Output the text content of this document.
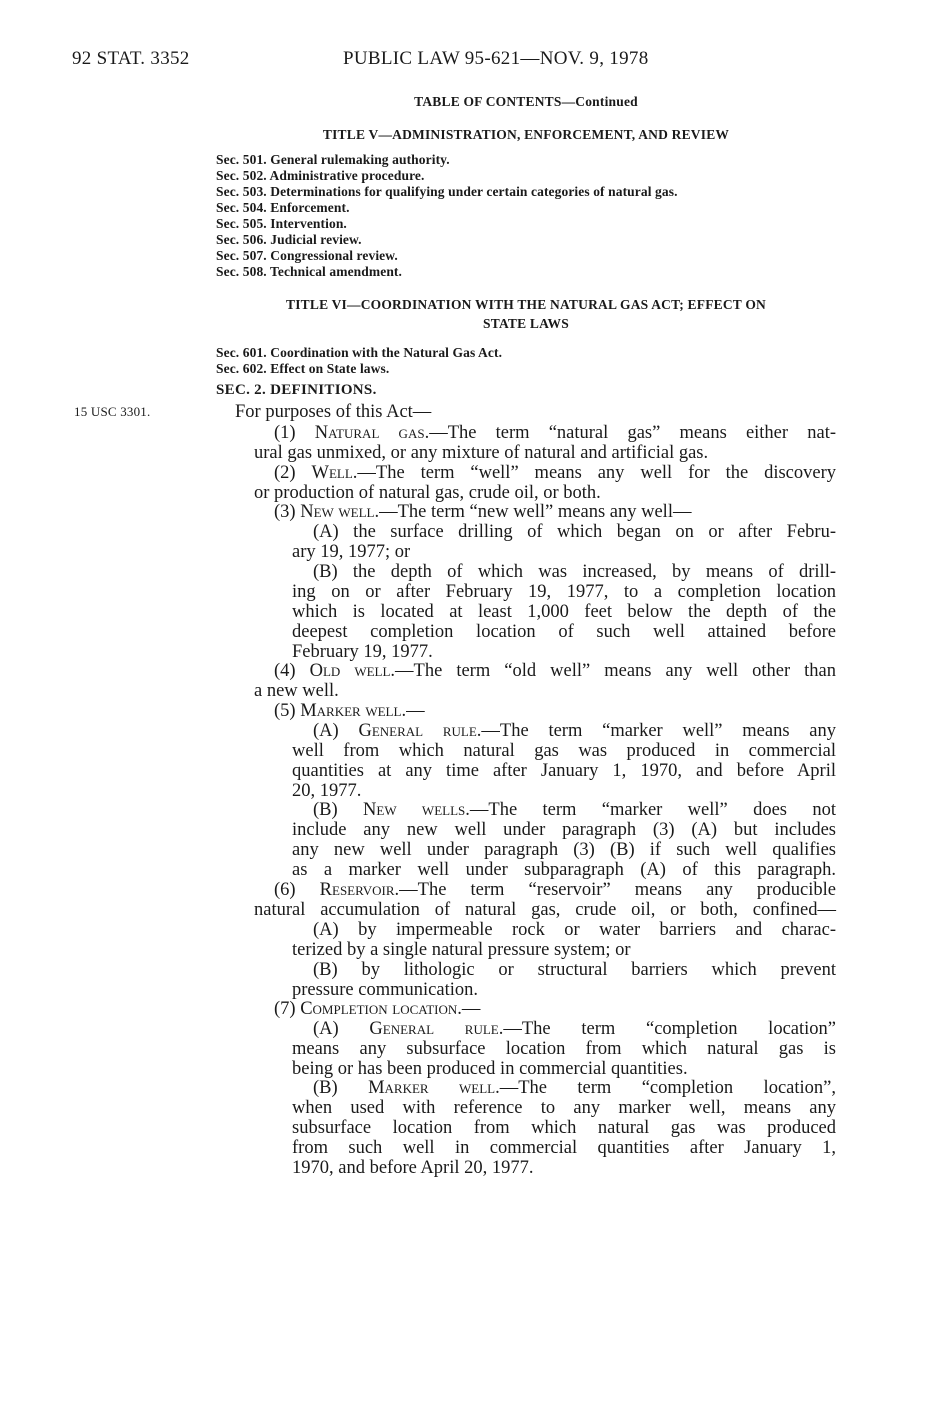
92 STAT. 3352	PUBLIC LAW 95-621—NOV. 9, 1978
TABLE OF CONTENTS—Continued
TITLE V—ADMINISTRATION, ENFORCEMENT, AND REVIEW
Sec. 501. General rulemaking authority.
Sec. 502. Administrative procedure.
Sec. 503. Determinations for qualifying under certain categories of natural gas.
Sec. 504. Enforcement.
Sec. 505. Intervention.
Sec. 506. Judicial review.
Sec. 507. Congressional review.
Sec. 508. Technical amendment.
TITLE VI—COORDINATION WITH THE NATURAL GAS ACT; EFFECT ON
STATE LAWS
Sec. 601. Coordination with the Natural Gas Act.
Sec. 602. Effect on State laws.
SEC. 2. DEFINITIONS.
15 USC 3301.	For purposes of this Act—
(1) Natural gas.—The term “natural gas” means either nat-
ural gas unmixed, or any mixture of natural and artificial gas.
(2) Well.—The term “well” means any well for the discovery
or production of natural gas, crude oil, or both.
(3) New well.—The term “new well” means any well—
(A) the surface drilling of which began on or after Febru-
ary 19, 1977; or
(B) the depth of which was increased, by means of drill-
ing on or after February 19, 1977, to a completion location
which is located at least 1,000 feet below the depth of the
deepest completion location of such well attained before
February 19, 1977.
(4) Old well.—The term “old well” means any well other than
a new well.
(5) Marker well.—
(A) General rule.—The term “marker well” means any
well from which natural gas was produced in commercial
quantities at any time after January 1, 1970, and before April
20, 1977.
(B) New wells.—The term “marker well” does not
include any new well under paragraph (3) (A) but includes
any new well under paragraph (3) (B) if such well qualifies
as a marker well under subparagraph (A) of this paragraph.
(6) Reservoir.—The term “reservoir” means any producible
natural accumulation of natural gas, crude oil, or both, confined—
(A) by impermeable rock or water barriers and charac-
terized by a single natural pressure system; or
(B) by lithologic or structural barriers which prevent
pressure communication.
(7) Completion location.—
(A) General rule.—The term “completion location”
means any subsurface location from which natural gas is
being or has been produced in commercial quantities.
(B) Marker well.—The term “completion location”,
when used with reference to any marker well, means any
subsurface location from which natural gas was produced
from such well in commercial quantities after January 1,
1970, and before April 20, 1977.
